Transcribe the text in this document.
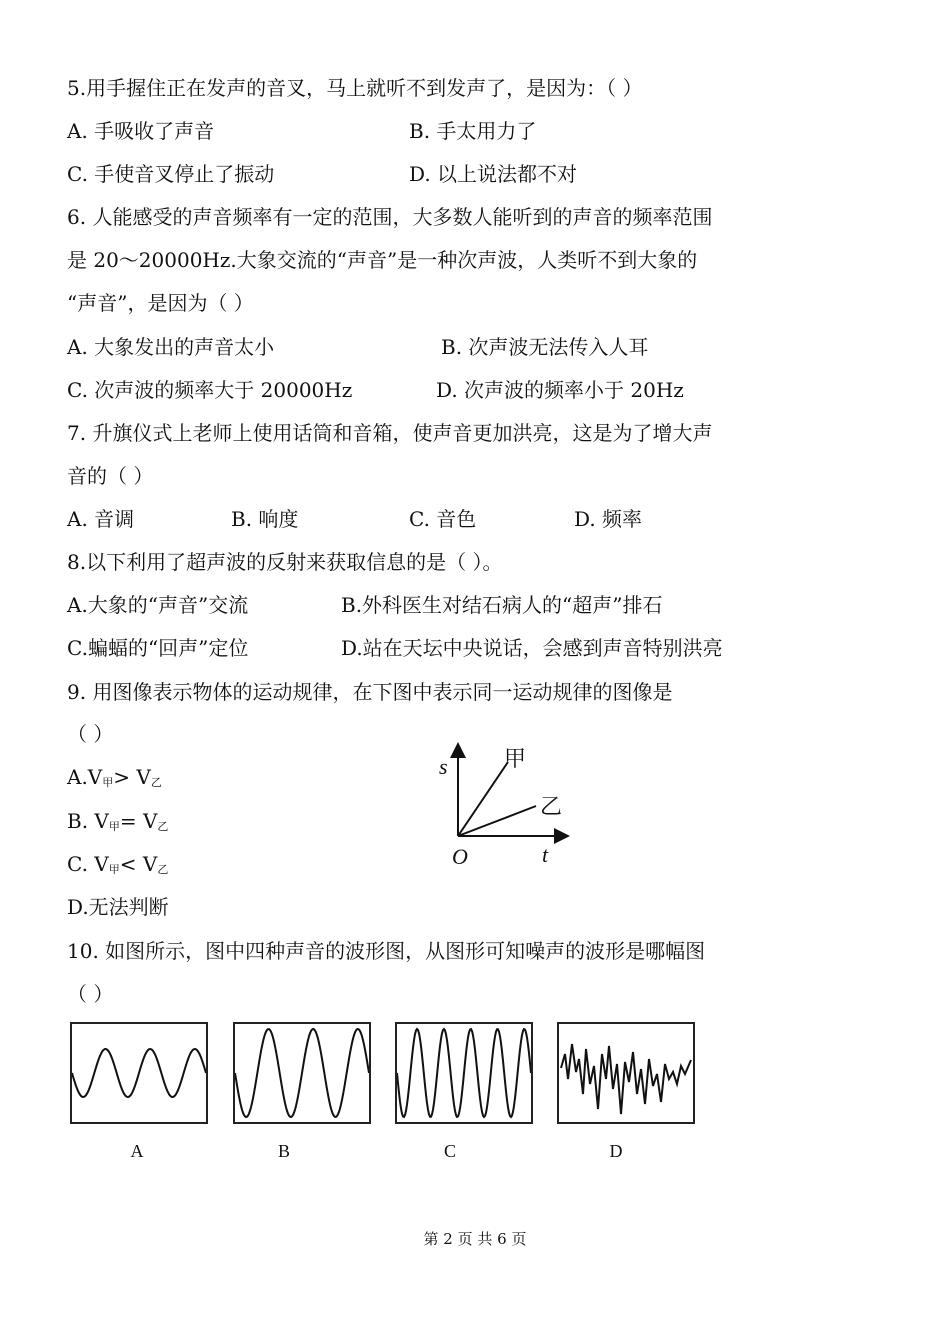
5.用手握住正在发声的音叉，马上就听不到发声了，是因为：（ ）
A. 手吸收了声音	B. 手太用力了
C. 手使音叉停止了振动	D. 以上说法都不对
6. 人能感受的声音频率有一定的范围，大多数人能听到的声音的频率范围
是 20～20000Hz.大象交流的“声音”是一种次声波，人类听不到大象的
“声音”，是因为（ ）
A. 大象发出的声音太小	B. 次声波无法传入人耳
C. 次声波的频率大于 20000Hz	D. 次声波的频率小于 20Hz
7. 升旗仪式上老师上使用话筒和音箱，使声音更加洪亮，这是为了增大声
音的（ ）
A. 音调	B. 响度	C. 音色	D. 频率
8.以下利用了超声波的反射来获取信息的是（ ）。
A.大象的“声音”交流	B.外科医生对结石病人的“超声”排石
C.蝙蝠的“回声”定位	D.站在天坛中央说话，会感到声音特别洪亮
9. 用图像表示物体的运动规律，在下图中表示同一运动规律的图像是
（ ）
A.V甲> V乙
B. V甲= V乙
C. V甲< V乙
D.无法判断
s
t
O
甲
乙
10. 如图所示，图中四种声音的波形图，从图形可知噪声的波形是哪幅图
（ ）
A	B	C	D
第 2 页 共 6 页
